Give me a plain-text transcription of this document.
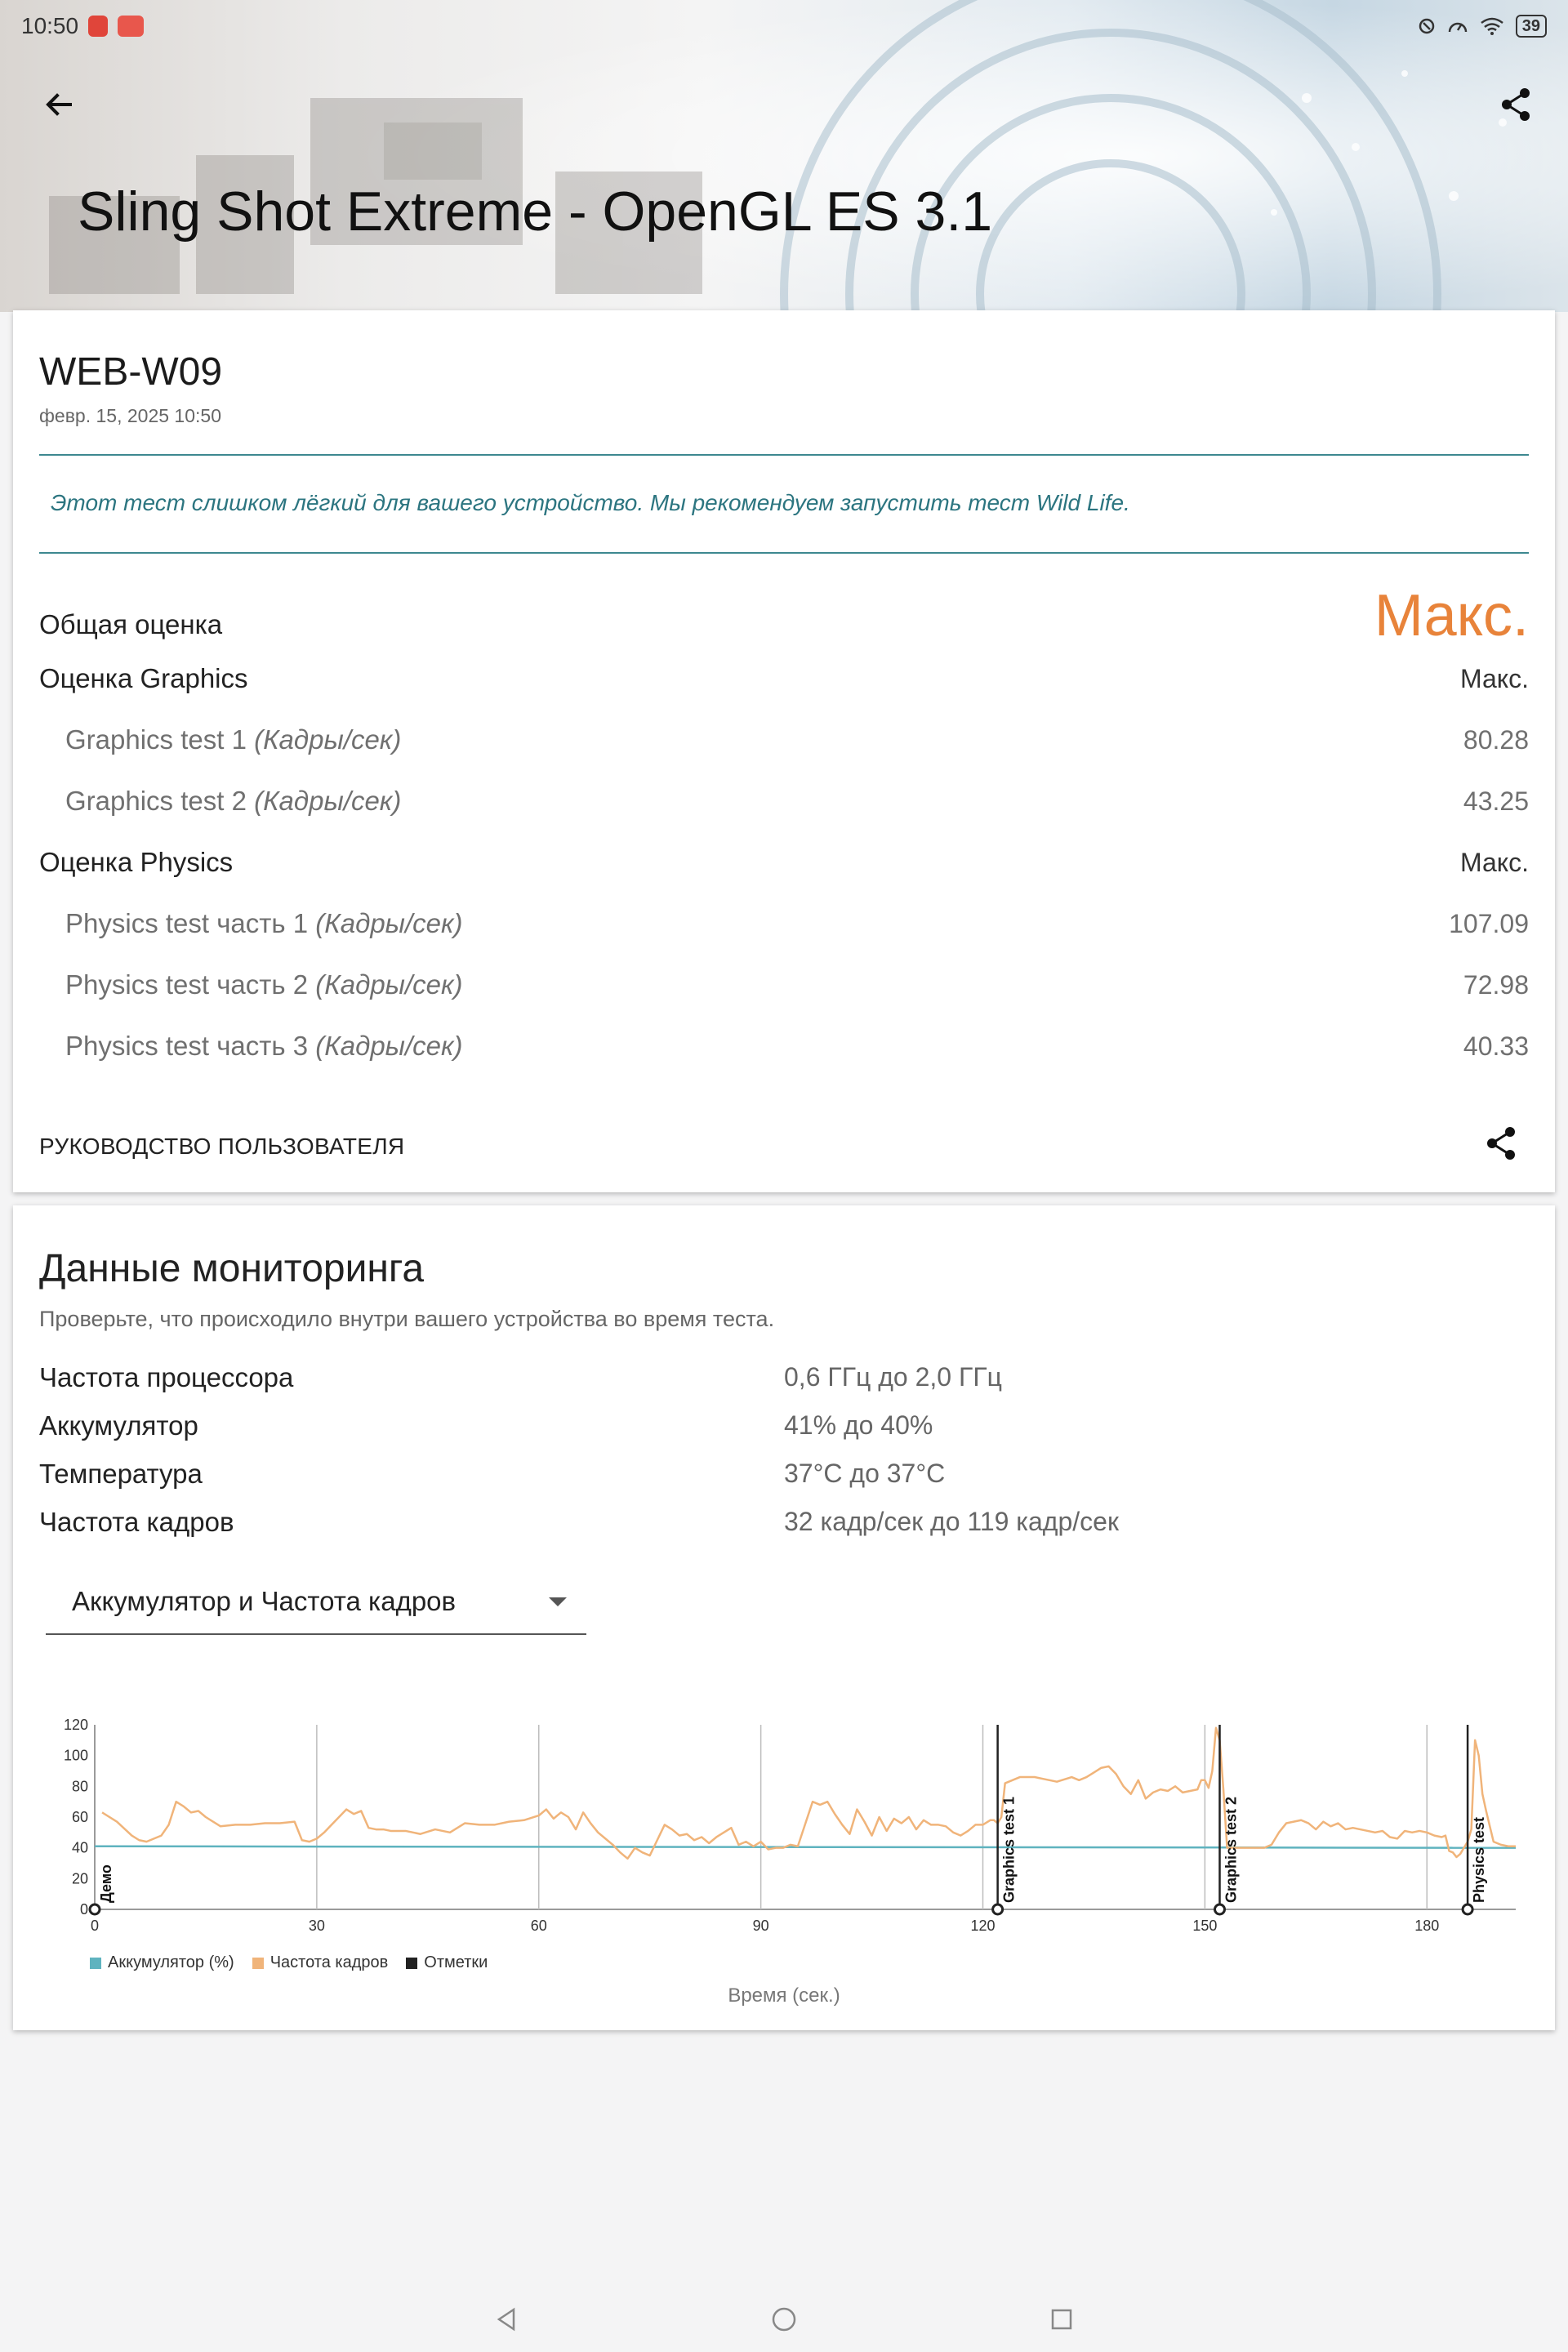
10:50	39
Sling Shot Extreme - OpenGL ES 3.1
WEB-W09
февр. 15, 2025 10:50
Этот тест слишком лёгкий для вашего устройство. Мы рекомендуем запустить тест Wild Life.
Общая оценка	Макс.
Оценка Graphics	Макс.
Graphics test 1 (Кадры/сек)	80.28
Graphics test 2 (Кадры/сек)	43.25
Оценка Physics	Макс.
Physics test часть 1 (Кадры/сек)	107.09
Physics test часть 2 (Кадры/сек)	72.98
Physics test часть 3 (Кадры/сек)	40.33
РУКОВОДСТВО ПОЛЬЗОВАТЕЛЯ
Данные мониторинга
Проверьте, что происходило внутри вашего устройства во время теста.
Частота процессора	0,6 ГГц до 2,0 ГГц
Аккумулятор	41% до 40%
Температура	37°C до 37°C
Частота кадров	32 кадр/сек до 119 кадр/сек
Аккумулятор и Частота кадров
0
20
40
60
80
100
120
0	30	60	90	120	150	180
Демо	Graphics test 1	Graphics test 2	Physics test
Аккумулятор (%) Частота кадров Отметки
Время (сек.)
